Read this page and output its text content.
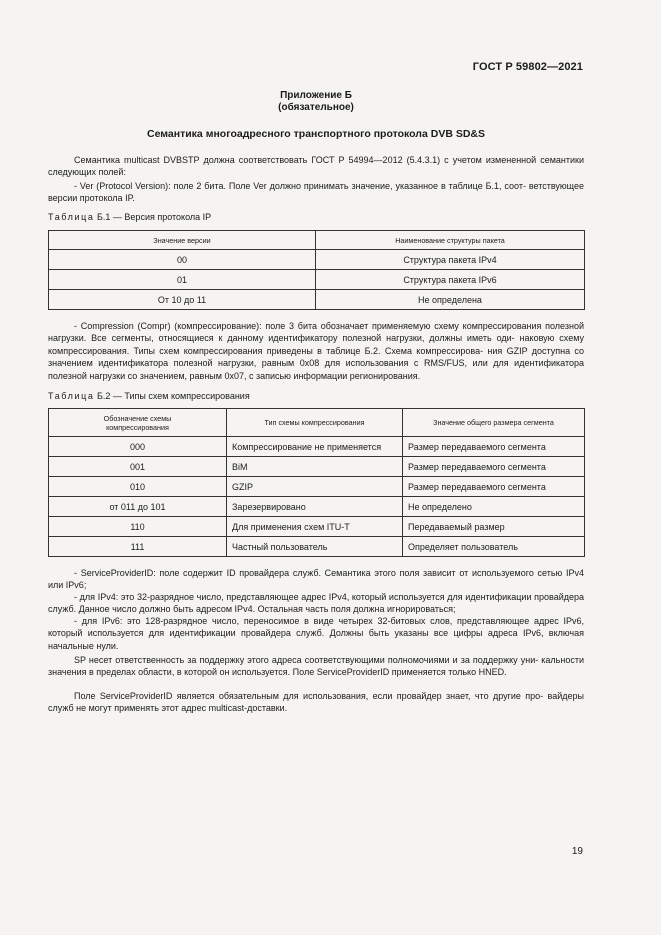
ГОСТ Р 59802—2021
Приложение Б
(обязательное)
Семантика многоадресного транспортного протокола DVB SD&S

Семантика multicast DVBSTP должна соответствовать ГОСТ Р 54994—2012 (5.4.3.1) с учетом измененной семантики следующих полей:

- Ver (Protocol Version): поле 2 бита. Поле Ver должно принимать значение, указанное в таблице Б.1, соот- ветствующее версии протокола IP.

Таблица Б.1 — Версия протокола IP
Значение версии	Наименование структуры пакета
00	Структура пакета IPv4
01	Структура пакета IPv6
От 10 до 11	Не определена

- Compression (Compr) (компрессирование): поле 3 бита обозначает применяемую схему компрессирования полезной нагрузки. Все сегменты, относящиеся к данному идентификатору полезной нагрузки, должны иметь оди- наковую схему компрессирования. Типы схем компрессирования приведены в таблице Б.2. Схема компрессирова- ния GZIP доступна со значением идентификатора полезной нагрузки, равным 0x08 для использования с RMS/FUS, или для идентификатора полезной нагрузки со значением, равным 0x07, с записью информации регионирования.

Таблица Б.2 — Типы схем компрессирования
Обозначение схемы компрессирования	Тип схемы компрессирования	Значение общего размера сегмента
000	Компрессирование не применяется	Размер передаваемого сегмента
001	BiM	Размер передаваемого сегмента
010	GZIP	Размер передаваемого сегмента
от 011 до 101	Зарезервировано	Не определено
110	Для применения схем ITU-T	Передаваемый размер
111	Частный пользователь	Определяет пользователь

- ServiceProviderID: поле содержит ID провайдера служб. Семантика этого поля зависит от используемого сетью IPv4 или IPv6;

- для IPv4: это 32-разрядное число, представляющее адрес IPv4, который используется для идентификации провайдера служб. Данное число должно быть адресом IPv4. Остальная часть поля должна игнорироваться;

- для IPv6: это 128-разрядное число, переносимое в виде четырех 32-битовых слов, представляющее адрес IPv6, который используется для идентификации провайдера служб. Должны быть указаны все цифры адреса IPv6, включая начальные нули.

SP несет ответственность за поддержку этого адреса соответствующими полномочиями и за поддержку уни- кальности значения в пределах области, в которой он используется. Поле ServiceProviderID применяется только HNED.

Поле ServiceProviderID является обязательным для использования, если провайдер знает, что другие про- вайдеры служб не могут применять этот адрес multicast-доставки.

19
